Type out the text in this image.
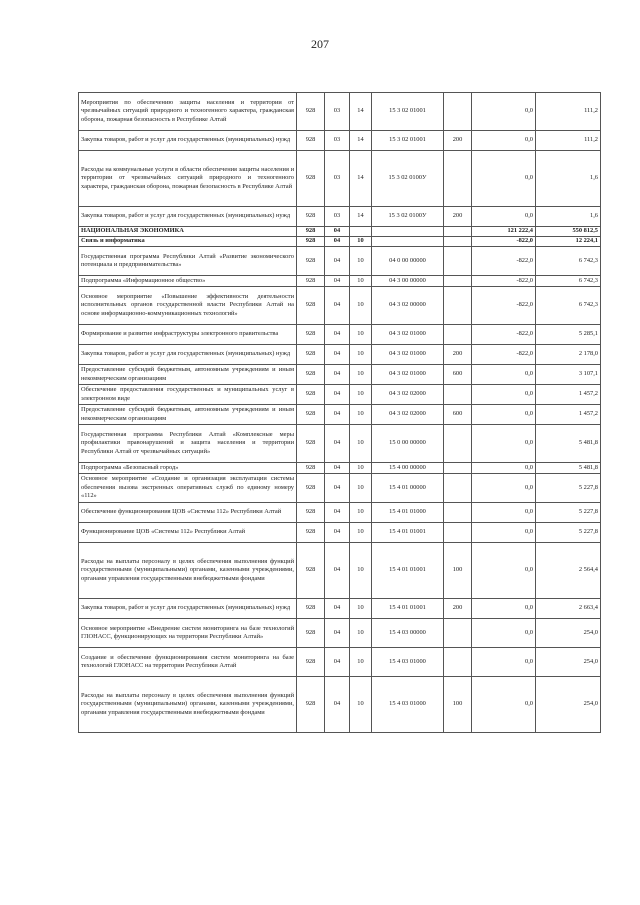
207
Мероприятия по обеспечению защиты населения и территории от чрезвычайных ситуаций природного и техногенного характера, гражданская оборона, пожарная безопасность в Республике Алтай	928	03	14	15 3 02 01001		0,0	111,2
Закупка товаров, работ и услуг для государственных (муниципальных) нужд	928	03	14	15 3 02 01001	200	0,0	111,2
Расходы на коммунальные услуги в области обеспечения защиты населения и территории от чрезвычайных ситуаций природного и техногенного характера, гражданская оборона, пожарная безопасность в Республике Алтай	928	03	14	15 3 02 0100У		0,0	1,6
Закупка товаров, работ и услуг для государственных (муниципальных) нужд	928	03	14	15 3 02 0100У	200	0,0	1,6
НАЦИОНАЛЬНАЯ ЭКОНОМИКА	928	04				121 222,4	550 812,5
Связь и информатика	928	04	10			-822,0	12 224,1
Государственная программа Республики Алтай «Развитие экономического потенциала и предпринимательства»	928	04	10	04 0 00 00000		-822,0	6 742,3
Подпрограмма «Информационное общество»	928	04	10	04 3 00 00000		-822,0	6 742,3
Основное мероприятие «Повышение эффективности деятельности исполнительных органов государственной власти Республики Алтай на основе информационно-коммуникационных технологий»	928	04	10	04 3 02 00000		-822,0	6 742,3
Формирование и развитие инфраструктуры электронного правительства	928	04	10	04 3 02 01000		-822,0	5 285,1
Закупка товаров, работ и услуг для государственных (муниципальных) нужд	928	04	10	04 3 02 01000	200	-822,0	2 178,0
Предоставление субсидий бюджетным, автономным учреждениям и иным некоммерческим организациям	928	04	10	04 3 02 01000	600	0,0	3 107,1
Обеспечение предоставления государственных и муниципальных услуг в электронном виде	928	04	10	04 3 02 02000		0,0	1 457,2
Предоставление субсидий бюджетным, автономным учреждениям и иным некоммерческим организациям	928	04	10	04 3 02 02000	600	0,0	1 457,2
Государственная программа Республики Алтай «Комплексные меры профилактики правонарушений и защита населения и территории Республики Алтай от чрезвычайных ситуаций»	928	04	10	15 0 00 00000		0,0	5 481,8
Подпрограмма «Безопасный город»	928	04	10	15 4 00 00000		0,0	5 481,8
Основное мероприятие «Создание и организация эксплуатации системы обеспечения вызова экстренных оперативных служб по единому номеру «112»	928	04	10	15 4 01 00000		0,0	5 227,8
Обеспечение функционирования ЦОВ «Системы 112» Республики Алтай	928	04	10	15 4 01 01000		0,0	5 227,8
Функционирование ЦОВ «Системы 112» Республики Алтай	928	04	10	15 4 01 01001		0,0	5 227,8
Расходы на выплаты персоналу в целях обеспечения выполнения функций государственными (муниципальными) органами, казенными учреждениями, органами управления государственными внебюджетными фондами	928	04	10	15 4 01 01001	100	0,0	2 564,4
Закупка товаров, работ и услуг для государственных (муниципальных) нужд	928	04	10	15 4 01 01001	200	0,0	2 663,4
Основное мероприятие «Внедрение систем мониторинга на базе технологий ГЛОНАСС, функционирующих на территории Республики Алтай»	928	04	10	15 4 03 00000		0,0	254,0
Создание и обеспечение функционирования систем мониторинга на базе технологий ГЛОНАСС на территории Республики Алтай	928	04	10	15 4 03 01000		0,0	254,0
Расходы на выплаты персоналу в целях обеспечения выполнения функций государственными (муниципальными) органами, казенными учреждениями, органами управления государственными внебюджетными фондами	928	04	10	15 4 03 01000	100	0,0	254,0
